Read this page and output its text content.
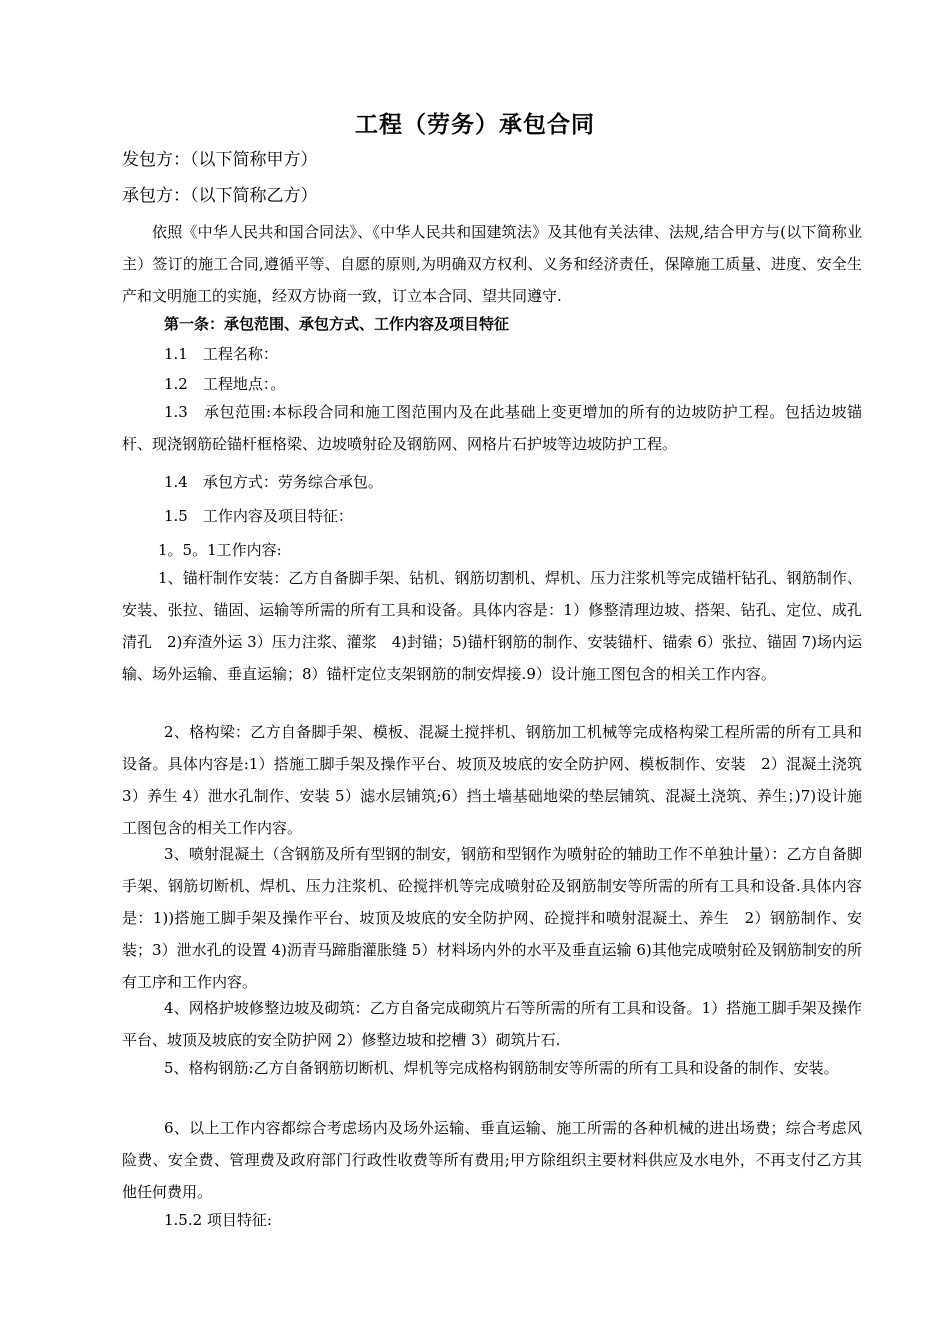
工程（劳务）承包合同
发包方：（以下简称甲方）
承包方：（以下简称乙方）
依照《中华人民共和国合同法》、《中华人民共和国建筑法》及其他有关法律、法规,结合甲方与(以下简称业主）签订的施工合同,遵循平等、自愿的原则,为明确双方权利、义务和经济责任，保障施工质量、进度、安全生产和文明施工的实施，经双方协商一致，订立本合同、望共同遵守.
第一条：承包范围、承包方式、工作内容及项目特征
1.1　工程名称：
1.2　工程地点：。
1.3　承包范围:本标段合同和施工图范围内及在此基础上变更增加的所有的边坡防护工程。包括边坡锚杆、现浇钢筋砼锚杆框格梁、边坡喷射砼及钢筋网、网格片石护坡等边坡防护工程。
1.4　承包方式：劳务综合承包。
1.5　工作内容及项目特征：
1。5。1工作内容:
1、锚杆制作安装：乙方自备脚手架、钻机、钢筋切割机、焊机、压力注浆机等完成锚杆钻孔、钢筋制作、安装、张拉、锚固、运输等所需的所有工具和设备。具体内容是：1）修整清理边坡、搭架、钻孔、定位、成孔清孔　2)弃渣外运 3）压力注浆、灌浆　4)封锚；5)锚杆钢筋的制作、安装锚杆、锚索 6）张拉、锚固 7)场内运输、场外运输、垂直运输；8）锚杆定位支架钢筋的制安焊接.9）设计施工图包含的相关工作内容。
2、格构梁：乙方自备脚手架、模板、混凝土搅拌机、钢筋加工机械等完成格构梁工程所需的所有工具和设备。具体内容是:1）搭施工脚手架及操作平台、坡顶及坡底的安全防护网、模板制作、安装　2）混凝土浇筑 3）养生 4）泄水孔制作、安装 5）滤水层铺筑;6）挡土墙基础地梁的垫层铺筑、混凝土浇筑、养生；)7)设计施工图包含的相关工作内容。
3、喷射混凝土（含钢筋及所有型钢的制安，钢筋和型钢作为喷射砼的辅助工作不单独计量）：乙方自备脚手架、钢筋切断机、焊机、压力注浆机、砼搅拌机等完成喷射砼及钢筋制安等所需的所有工具和设备.具体内容是：1))搭施工脚手架及操作平台、坡顶及坡底的安全防护网、砼搅拌和喷射混凝土、养生　2）钢筋制作、安装；3）泄水孔的设置 4)沥青马蹄脂灌胀缝 5）材料场内外的水平及垂直运输 6)其他完成喷射砼及钢筋制安的所有工序和工作内容。
4、网格护坡修整边坡及砌筑：乙方自备完成砌筑片石等所需的所有工具和设备。1）搭施工脚手架及操作平台、坡顶及坡底的安全防护网 2）修整边坡和挖槽 3）砌筑片石.
5、格构钢筋:乙方自备钢筋切断机、焊机等完成格构钢筋制安等所需的所有工具和设备的制作、安装。
6、以上工作内容都综合考虑场内及场外运输、垂直运输、施工所需的各种机械的进出场费；综合考虑风险费、安全费、管理费及政府部门行政性收费等所有费用;甲方除组织主要材料供应及水电外，不再支付乙方其他任何费用。
1.5.2 项目特征:
